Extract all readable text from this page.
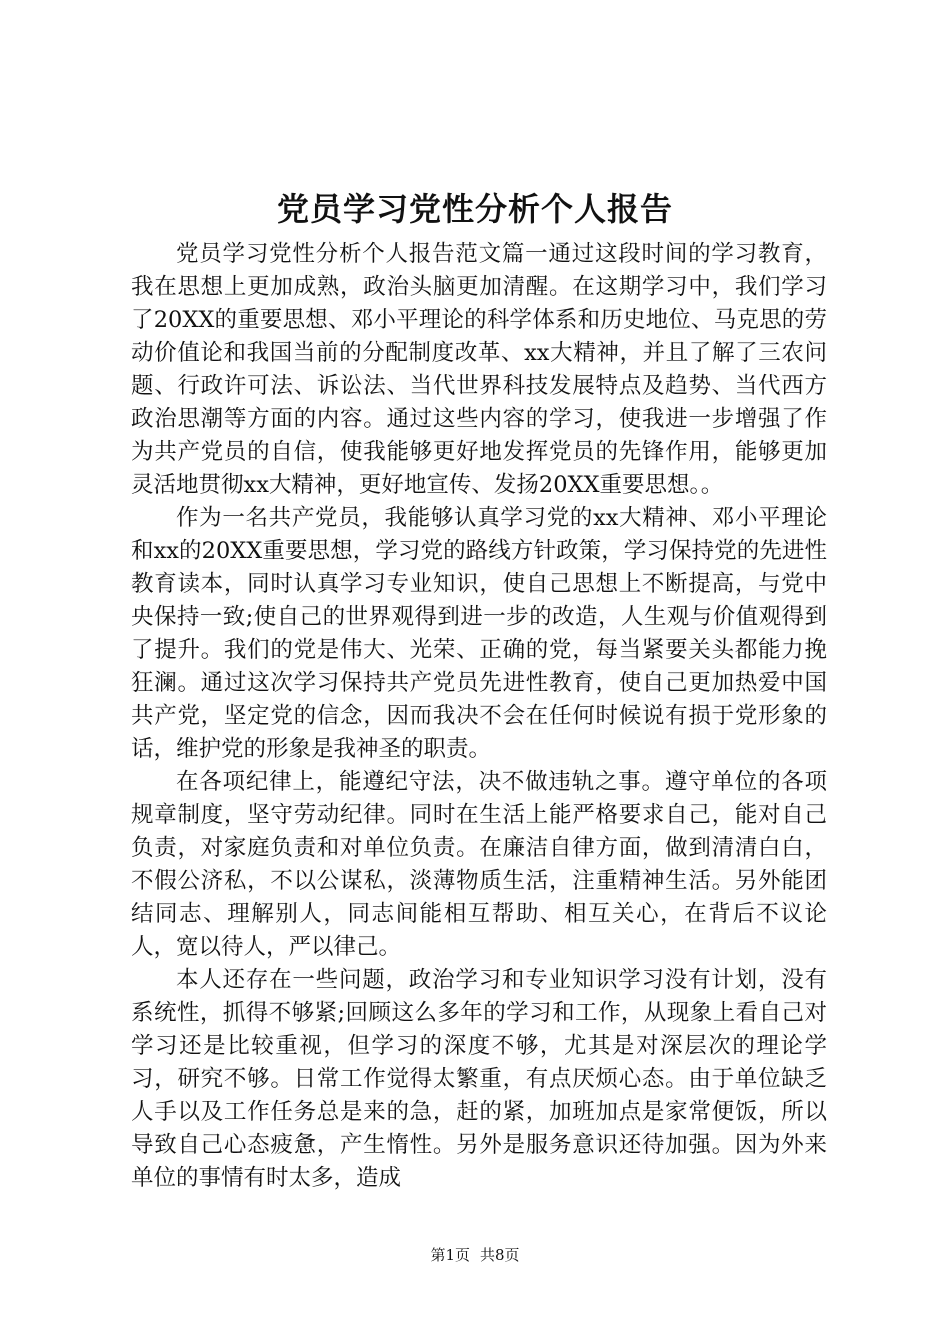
党员学习党性分析个人报告

党员学习党性分析个人报告范文篇一通过这段时间的学习教育，我在思想上更加成熟，政治头脑更加清醒。在这期学习中，我们学习了20XX的重要思想、邓小平理论的科学体系和历史地位、马克思的劳动价值论和我国当前的分配制度改革、xx大精神，并且了解了三农问题、行政许可法、诉讼法、当代世界科技发展特点及趋势、当代西方政治思潮等方面的内容。通过这些内容的学习，使我进一步增强了作为共产党员的自信，使我能够更好地发挥党员的先锋作用，能够更加灵活地贯彻xx大精神，更好地宣传、发扬20XX重要思想。。

作为一名共产党员，我能够认真学习党的xx大精神、邓小平理论和xx的20XX重要思想，学习党的路线方针政策，学习保持党的先进性教育读本，同时认真学习专业知识，使自己思想上不断提高，与党中央保持一致;使自己的世界观得到进一步的改造，人生观与价值观得到了提升。我们的党是伟大、光荣、正确的党，每当紧要关头都能力挽狂澜。通过这次学习保持共产党员先进性教育，使自己更加热爱中国共产党，坚定党的信念，因而我决不会在任何时候说有损于党形象的话，维护党的形象是我神圣的职责。

在各项纪律上，能遵纪守法，决不做违轨之事。遵守单位的各项规章制度，坚守劳动纪律。同时在生活上能严格要求自己，能对自己负责，对家庭负责和对单位负责。在廉洁自律方面，做到清清白白，不假公济私，不以公谋私，淡薄物质生活，注重精神生活。另外能团结同志、理解别人，同志间能相互帮助、相互关心，在背后不议论人，宽以待人，严以律己。

本人还存在一些问题，政治学习和专业知识学习没有计划，没有系统性，抓得不够紧;回顾这么多年的学习和工作，从现象上看自己对学习还是比较重视，但学习的深度不够，尤其是对深层次的理论学习，研究不够。日常工作觉得太繁重，有点厌烦心态。由于单位缺乏人手以及工作任务总是来的急，赶的紧，加班加点是家常便饭，所以导致自己心态疲惫，产生惰性。另外是服务意识还待加强。因为外来单位的事情有时太多，造成

第1页 共8页
